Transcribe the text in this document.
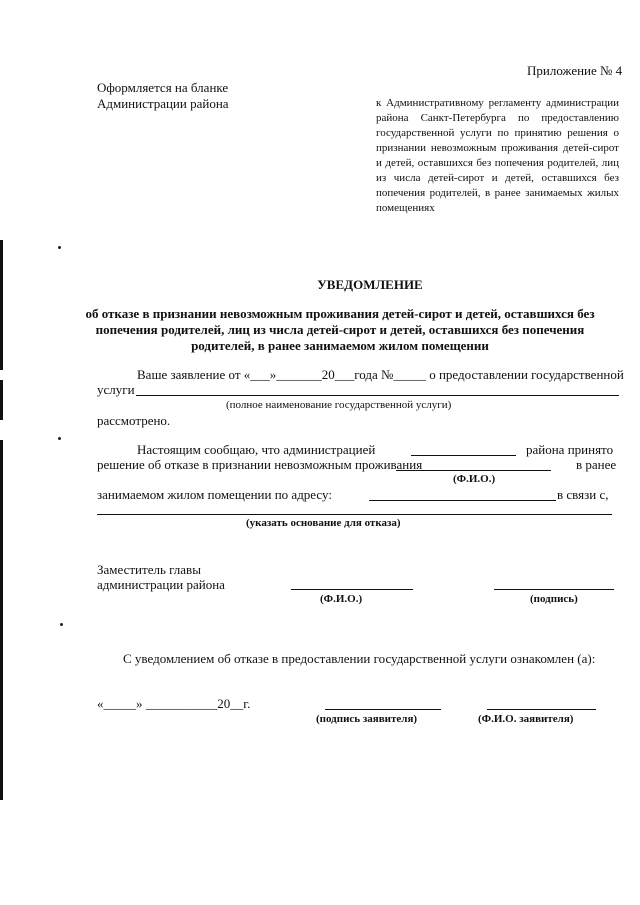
Приложение № 4
Оформляется на бланке
Администрации района	к Административному регламенту администрации района Санкт-Петербурга по предоставлению государственной услуги по принятию решения о признании невозможным проживания детей-сирот и детей, оставшихся без попечения родителей, лиц из числа детей-сирот и детей, оставшихся без попечения родителей, в ранее занимаемых жилых помещениях
УВЕДОМЛЕНИЕ
об отказе в признании невозможным проживания детей-сирот и детей, оставшихся без
попечения родителей, лиц из числа детей-сирот и детей, оставшихся без попечения
родителей, в ранее занимаемом жилом помещении
Ваше заявление от «___»_______20___года №_____ о предоставлении государственной
услуги
(полное наименование государственной услуги)
рассмотрено.
Настоящим сообщаю, что администрацией	района принято
решение об отказе в признании невозможным проживания	в ранее
(Ф.И.О.)
занимаемом жилом помещении по адресу:	в связи с,
(указать основание для отказа)
Заместитель главы
администрации района
(Ф.И.О.)	(подпись)
С уведомлением об отказе в предоставлении государственной услуги ознакомлен (а):
«_____» ___________20__г.
(подпись заявителя)	(Ф.И.О. заявителя)
